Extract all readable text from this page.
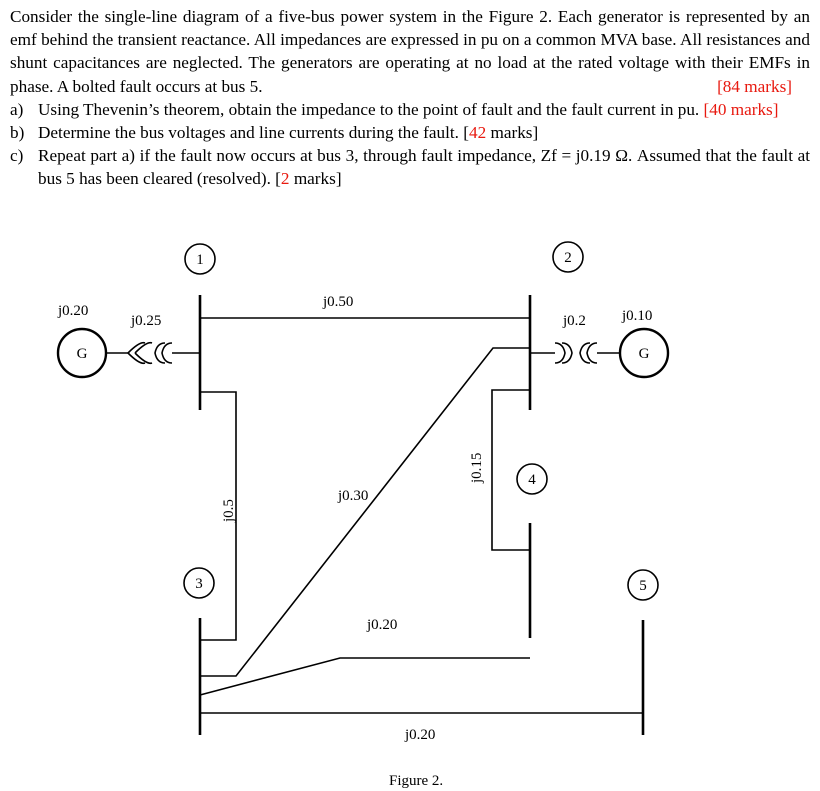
Consider the single-line diagram of a five-bus power system in the Figure 2. Each generator is represented by an emf behind the transient reactance. All impedances are expressed in pu on a common MVA base. All resistances and shunt capacitances are neglected. The generators are operating at no load at the rated voltage with their EMFs in phase. A bolted fault occurs at bus 5.	[84 marks]

a) Using Thevenin’s theorem, obtain the impedance to the point of fault and the fault current in pu. [40 marks]

b) Determine the bus voltages and line currents during the fault. [42 marks]

c) Repeat part a) if the fault now occurs at bus 3, through fault impedance, Zf = j0.19 Ω. Assumed that the fault at bus 5 has been cleared (resolved). [2 marks]

1	2
3
4
5
G	G
j0.20
j0.25
j0.50
j0.2 j0.10
j0.5
j0.30
j0.15
j0.20
j0.20
Figure 2.
